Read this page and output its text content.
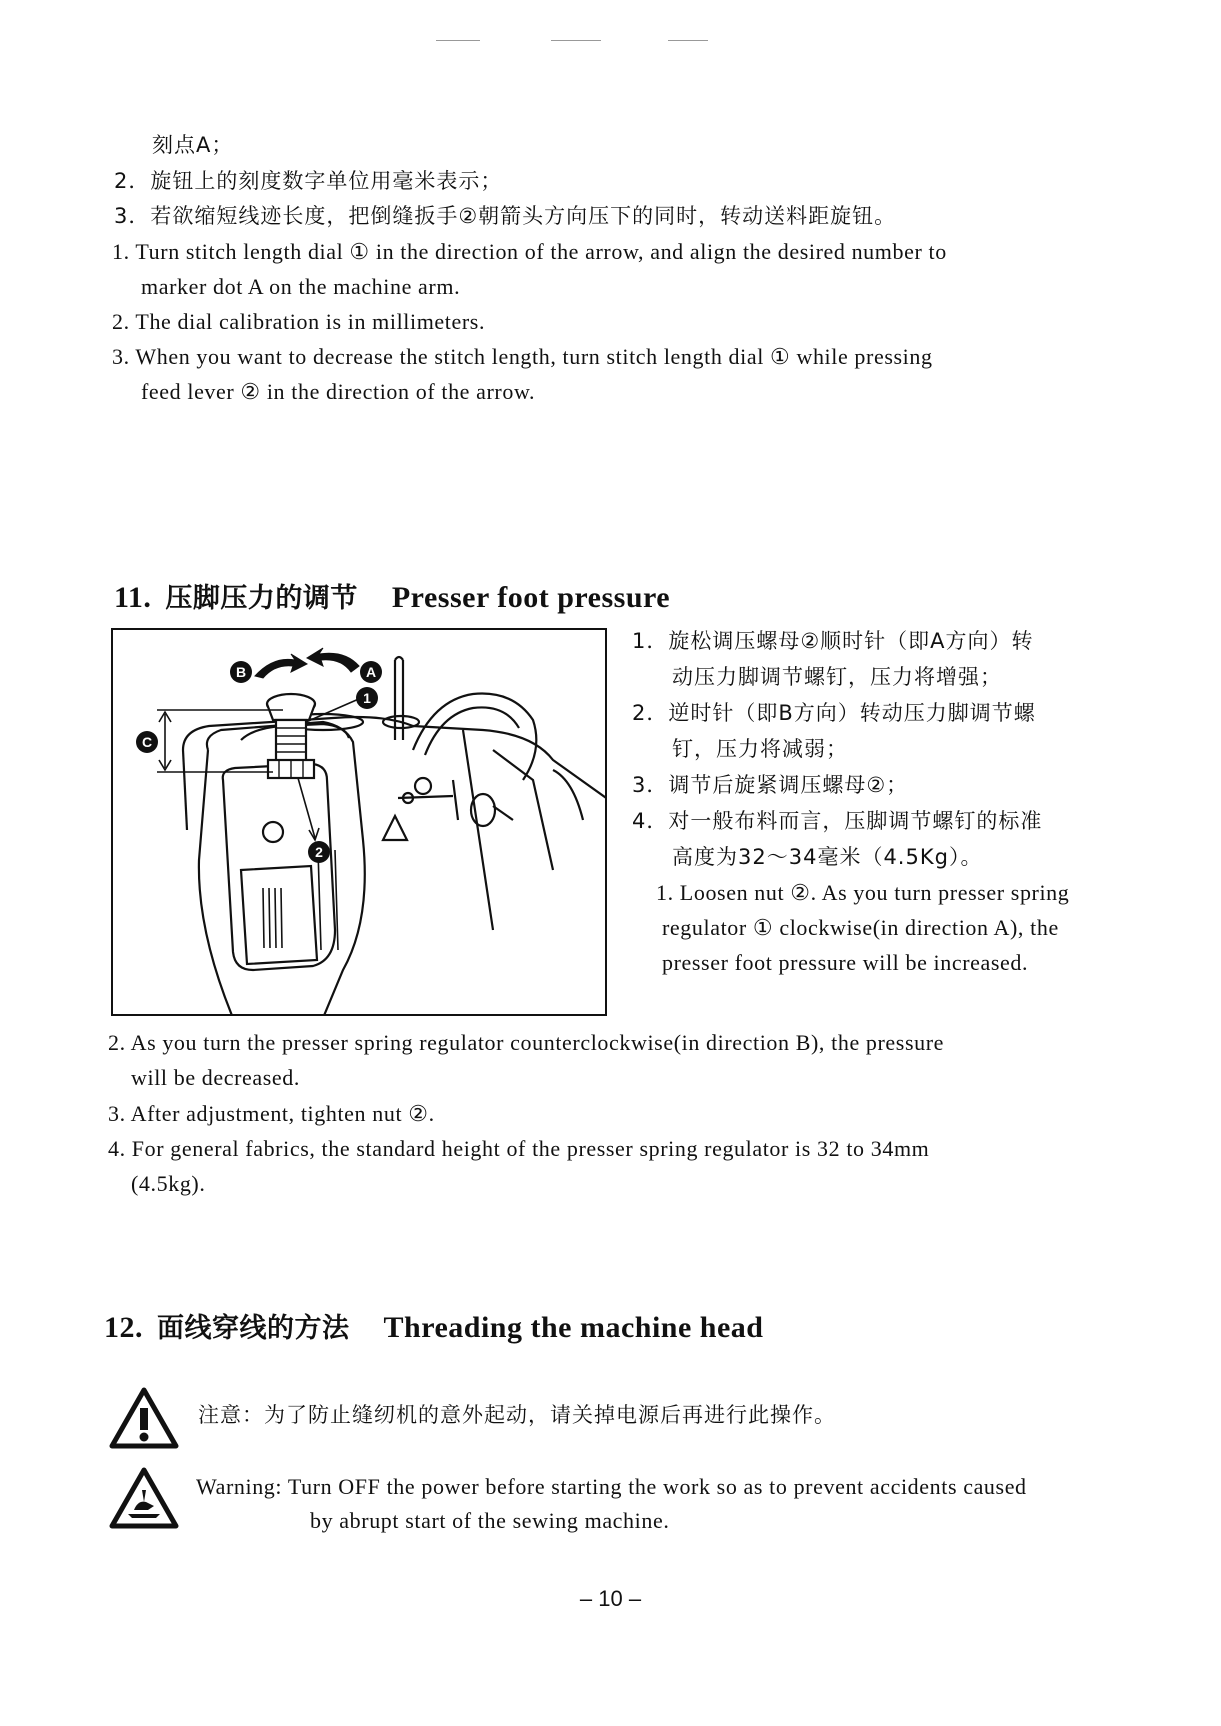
刻点A；
2．旋钮上的刻度数字单位用毫米表示；
3．若欲缩短线迹长度，把倒缝扳手②朝箭头方向压下的同时，转动送料距旋钮。
1. Turn stitch length dial ① in the direction of the arrow, and align the desired number to
marker dot A on the machine arm.
2. The dial calibration is in millimeters.
3. When you want to decrease the stitch length, turn stitch length dial ① while pressing
feed lever ② in the direction of the arrow.
11. 压脚压力的调节 Presser foot pressure
B	A
1
2
C
1．旋松调压螺母②顺时针（即A方向）转
动压力脚调节螺钉，压力将增强；
2．逆时针（即B方向）转动压力脚调节螺
钉，压力将减弱；
3．调节后旋紧调压螺母②；
4．对一般布料而言，压脚调节螺钉的标准
高度为32～34毫米（4.5Kg）。
1. Loosen nut ②. As you turn presser spring
regulator ① clockwise(in direction A), the
presser foot pressure will be increased.
2. As you turn the presser spring regulator counterclockwise(in direction B), the pressure
will be decreased.
3. After adjustment, tighten nut ②.
4. For general fabrics, the standard height of the presser spring regulator is 32 to 34mm
(4.5kg).
12. 面线穿线的方法 Threading the machine head
注意：为了防止缝纫机的意外起动，请关掉电源后再进行此操作。
Warning: Turn OFF the power before starting the work so as to prevent accidents caused
by abrupt start of the sewing machine.
– 10 –
